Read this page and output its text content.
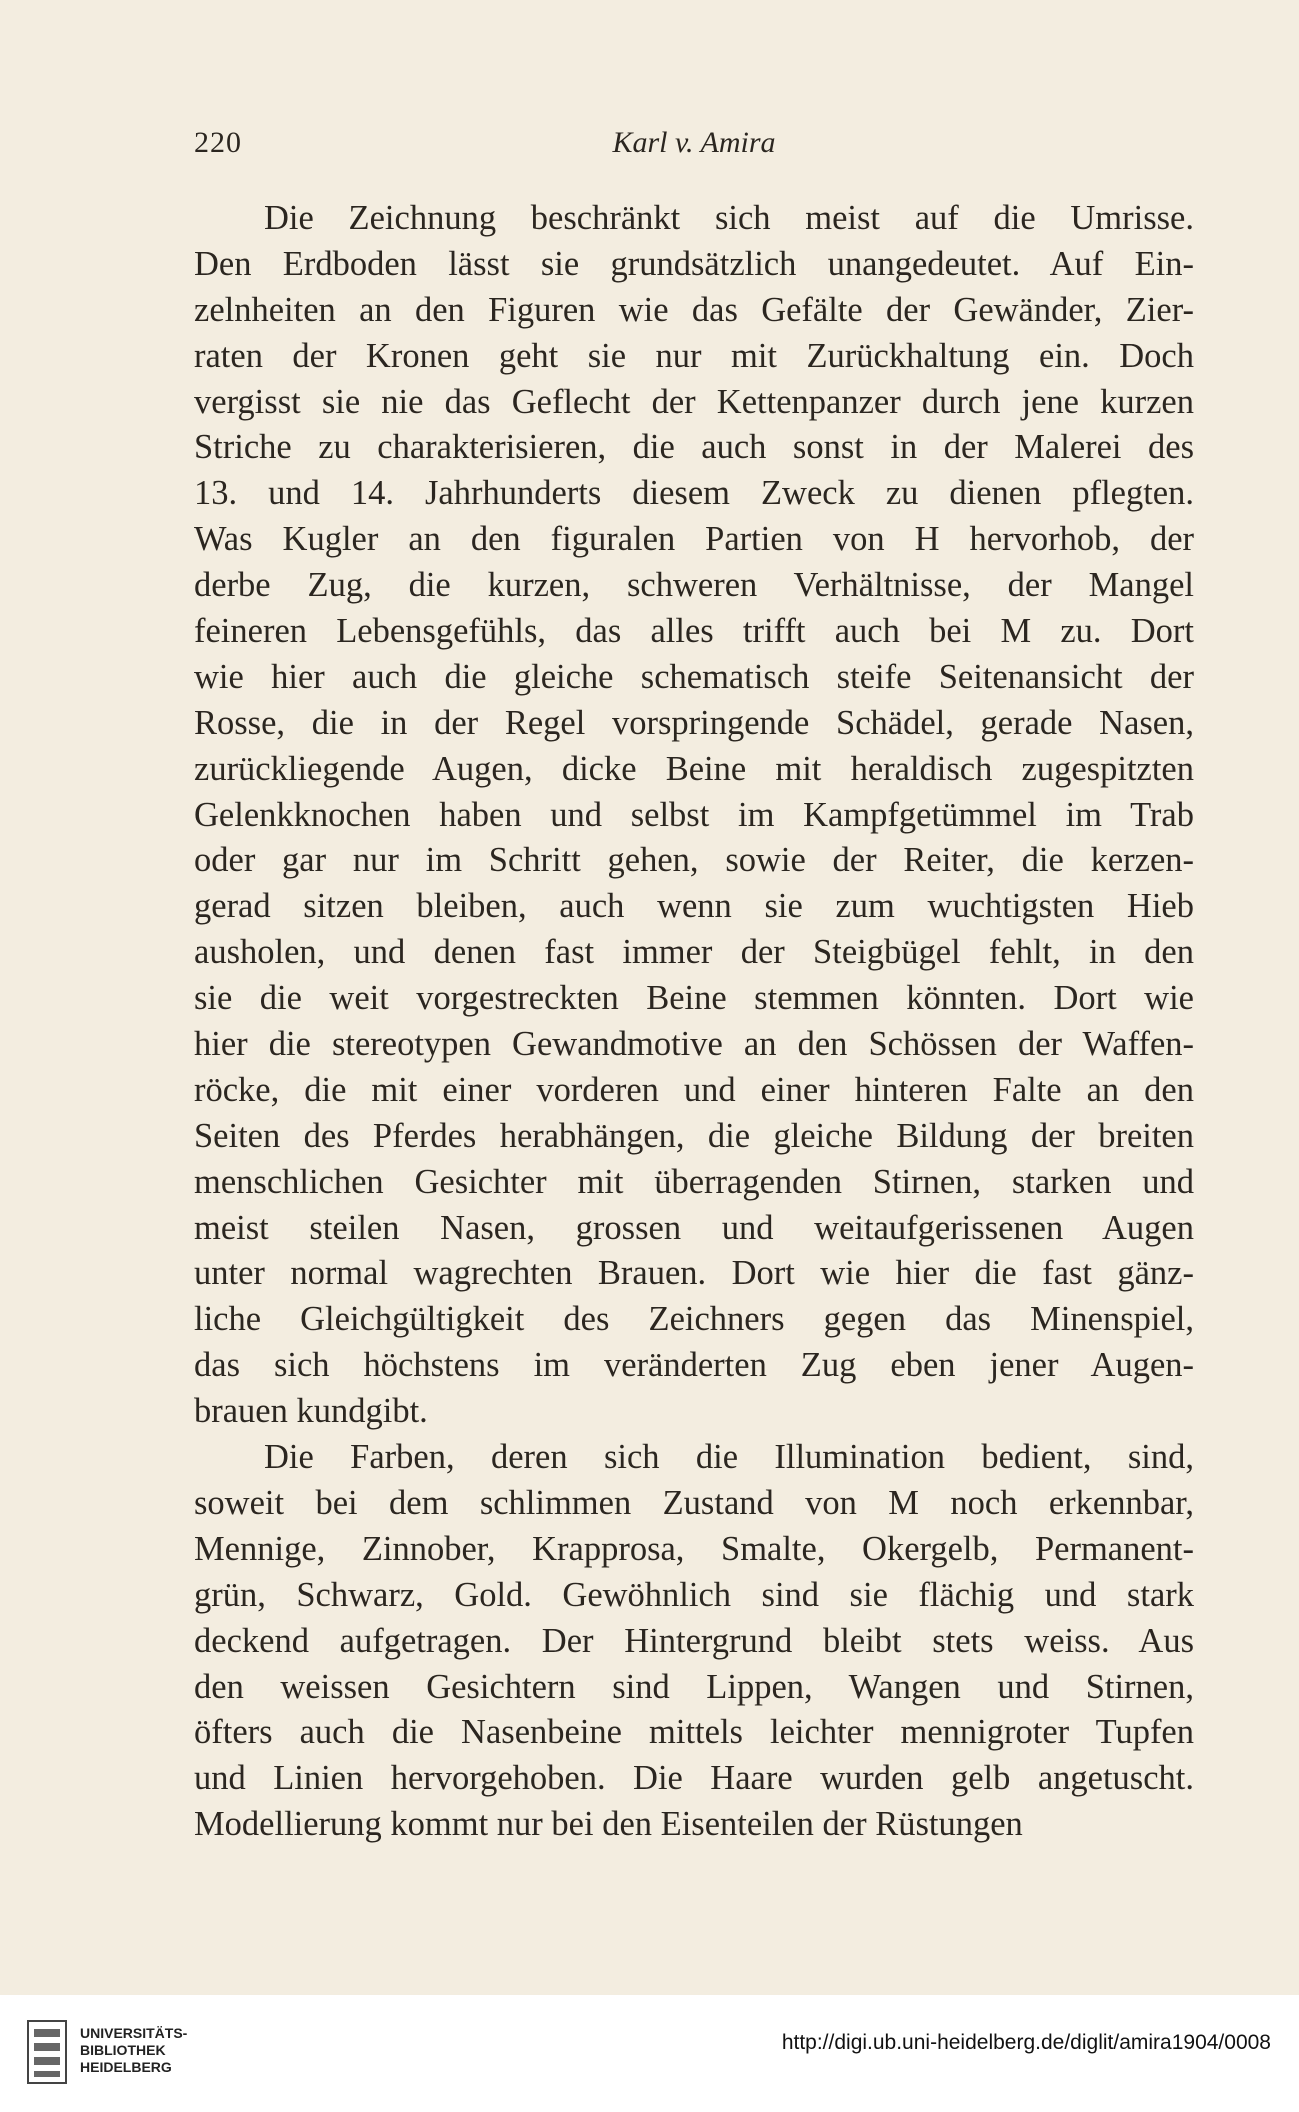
220	Karl v. Amira
Die Zeichnung beschränkt sich meist auf die Umrisse.
Den Erdboden lässt sie grundsätzlich unangedeutet. Auf Ein-
zelnheiten an den Figuren wie das Gefälte der Gewänder, Zier-
raten der Kronen geht sie nur mit Zurückhaltung ein. Doch
vergisst sie nie das Geflecht der Kettenpanzer durch jene kurzen
Striche zu charakterisieren, die auch sonst in der Malerei des
13. und 14. Jahrhunderts diesem Zweck zu dienen pflegten.
Was Kugler an den figuralen Partien von H hervorhob, der
derbe Zug, die kurzen, schweren Verhältnisse, der Mangel
feineren Lebensgefühls, das alles trifft auch bei M zu. Dort
wie hier auch die gleiche schematisch steife Seitenansicht der
Rosse, die in der Regel vorspringende Schädel, gerade Nasen,
zurückliegende Augen, dicke Beine mit heraldisch zugespitzten
Gelenkknochen haben und selbst im Kampfgetümmel im Trab
oder gar nur im Schritt gehen, sowie der Reiter, die kerzen-
gerad sitzen bleiben, auch wenn sie zum wuchtigsten Hieb
ausholen, und denen fast immer der Steigbügel fehlt, in den
sie die weit vorgestreckten Beine stemmen könnten. Dort wie
hier die stereotypen Gewandmotive an den Schössen der Waffen-
röcke, die mit einer vorderen und einer hinteren Falte an den
Seiten des Pferdes herabhängen, die gleiche Bildung der breiten
menschlichen Gesichter mit überragenden Stirnen, starken und
meist steilen Nasen, grossen und weitaufgerissenen Augen
unter normal wagrechten Brauen. Dort wie hier die fast gänz-
liche Gleichgültigkeit des Zeichners gegen das Minenspiel,
das sich höchstens im veränderten Zug eben jener Augen-
brauen kundgibt.
Die Farben, deren sich die Illumination bedient, sind,
soweit bei dem schlimmen Zustand von M noch erkennbar,
Mennige, Zinnober, Krapprosa, Smalte, Okergelb, Permanent-
grün, Schwarz, Gold. Gewöhnlich sind sie flächig und stark
deckend aufgetragen. Der Hintergrund bleibt stets weiss. Aus
den weissen Gesichtern sind Lippen, Wangen und Stirnen,
öfters auch die Nasenbeine mittels leichter mennigroter Tupfen
und Linien hervorgehoben. Die Haare wurden gelb angetuscht.
Modellierung kommt nur bei den Eisenteilen der Rüstungen
UNIVERSITÄTS-
BIBLIOTHEK
HEIDELBERG
http://digi.ub.uni-heidelberg.de/diglit/amira1904/0008
